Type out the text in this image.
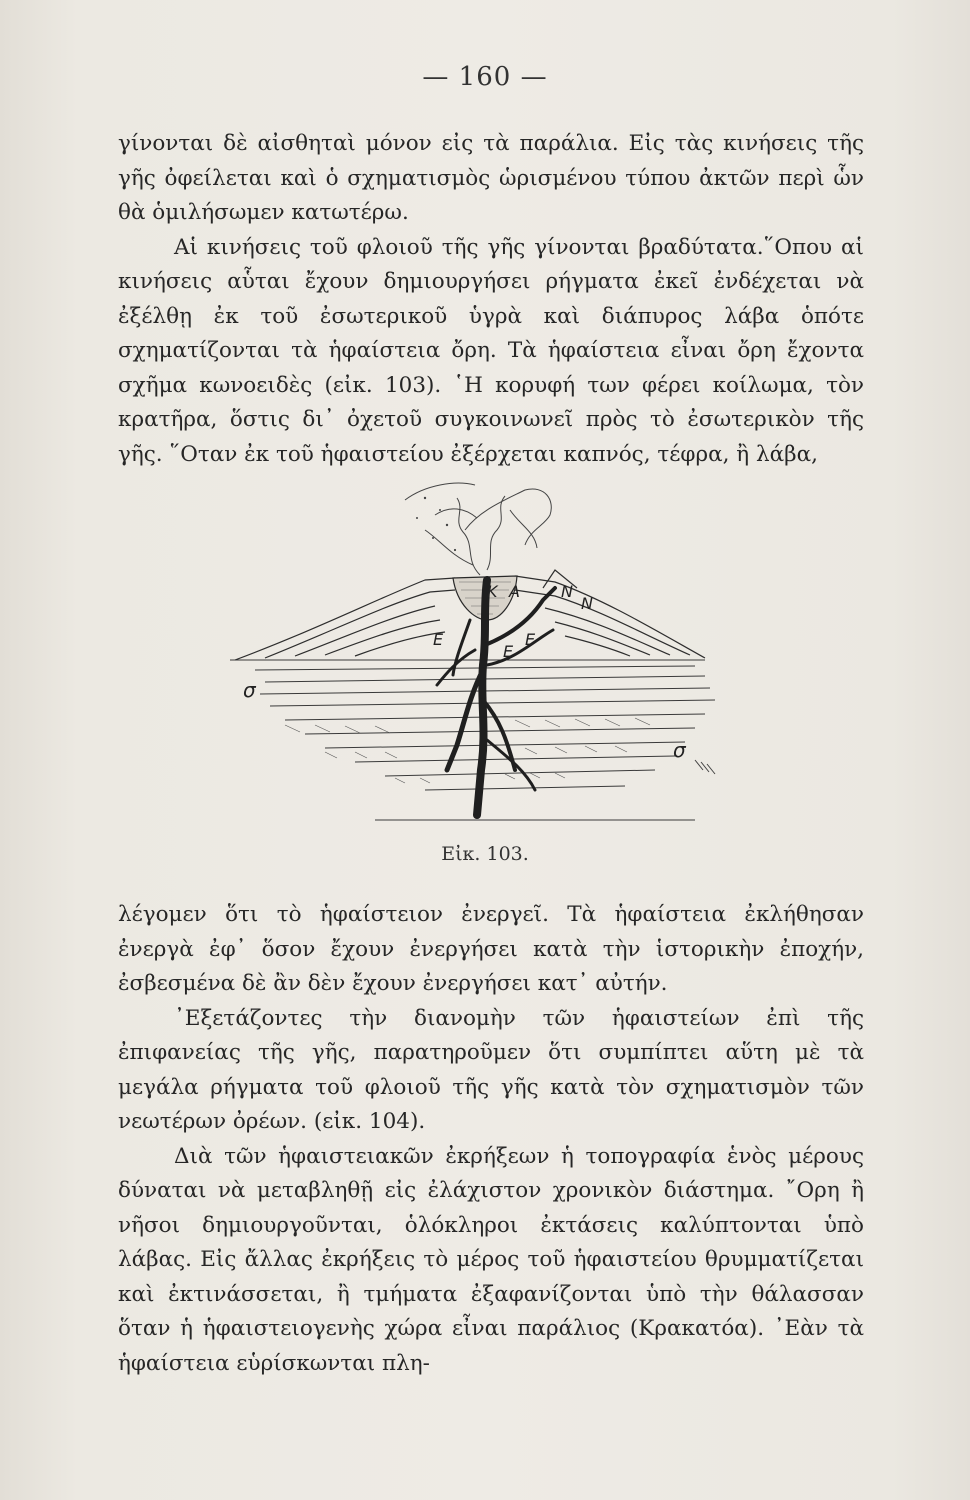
— 160 —

γίνονται δὲ αἰσθηταὶ μόνον εἰς τὰ παράλια. Εἰς τὰς κινήσεις τῆς γῆς ὀφείλεται καὶ ὁ σχηματισμὸς ὡρισμένου τύπου ἀκτῶν περὶ ὧν θὰ ὁμιλήσωμεν κατωτέρω.

Αἱ κινήσεις τοῦ φλοιοῦ τῆς γῆς γίνονται βραδύτατα.῞Οπου αἱ κινήσεις αὗται ἔχουν δημιουργήσει ρήγματα ἐκεῖ ἐνδέχεται νὰ ἐξέλθῃ ἐκ τοῦ ἐσωτερικοῦ ὑγρὰ καὶ διάπυρος λάβα ὁπότε σχηματίζονται τὰ ἡφαίστεια ὄρη. Τὰ ἡφαίστεια εἶναι ὄρη ἔχοντα σχῆμα κωνοειδὲς (εἰκ. 103). ῾Η κορυφή των φέρει κοίλωμα, τὸν κρατῆρα, ὅστις δι᾽ ὀχετοῦ συγκοινωνεῖ πρὸς τὸ ἐσωτερικὸν τῆς γῆς. ῞Οταν ἐκ τοῦ ἡφαιστείου ἐξέρχεται καπνός, τέφρα, ἢ λάβα,

K A	N
N
E
E
E
σ
σ
Εἰκ. 103.

λέγομεν ὅτι τὸ ἡφαίστειον ἐνεργεῖ. Τὰ ἡφαίστεια ἐκλήθησαν ἐνεργὰ ἐφ᾽ ὅσον ἔχουν ἐνεργήσει κατὰ τὴν ἱστορικὴν ἐποχήν, ἐσβεσμένα δὲ ἂν δὲν ἔχουν ἐνεργήσει κατ᾽ αὐτήν.

᾽Εξετάζοντες τὴν διανομὴν τῶν ἡφαιστείων ἐπὶ τῆς ἐπιφανείας τῆς γῆς, παρατηροῦμεν ὅτι συμπίπτει αὕτη μὲ τὰ μεγάλα ρήγματα τοῦ φλοιοῦ τῆς γῆς κατὰ τὸν σχηματισμὸν τῶν νεωτέρων ὀρέων. (εἰκ. 104).

Διὰ τῶν ἡφαιστειακῶν ἐκρήξεων ἡ τοπογραφία ἑνὸς μέρους δύναται νὰ μεταβληθῇ εἰς ἐλάχιστον χρονικὸν διάστημα. ῎Ορη ἢ νῆσοι δημιουργοῦνται, ὁλόκληροι ἐκτάσεις καλύπτονται ὑπὸ λάβας. Εἰς ἄλλας ἐκρήξεις τὸ μέρος τοῦ ἡφαιστείου θρυμματίζεται καὶ ἐκτινάσσεται, ἢ τμήματα ἐξαφανίζονται ὑπὸ τὴν θάλασσαν ὅταν ἡ ἡφαιστειογενὴς χώρα εἶναι παράλιος (Κρακατόα). ᾽Εὰν τὰ ἡφαίστεια εὑρίσκωνται πλη-
